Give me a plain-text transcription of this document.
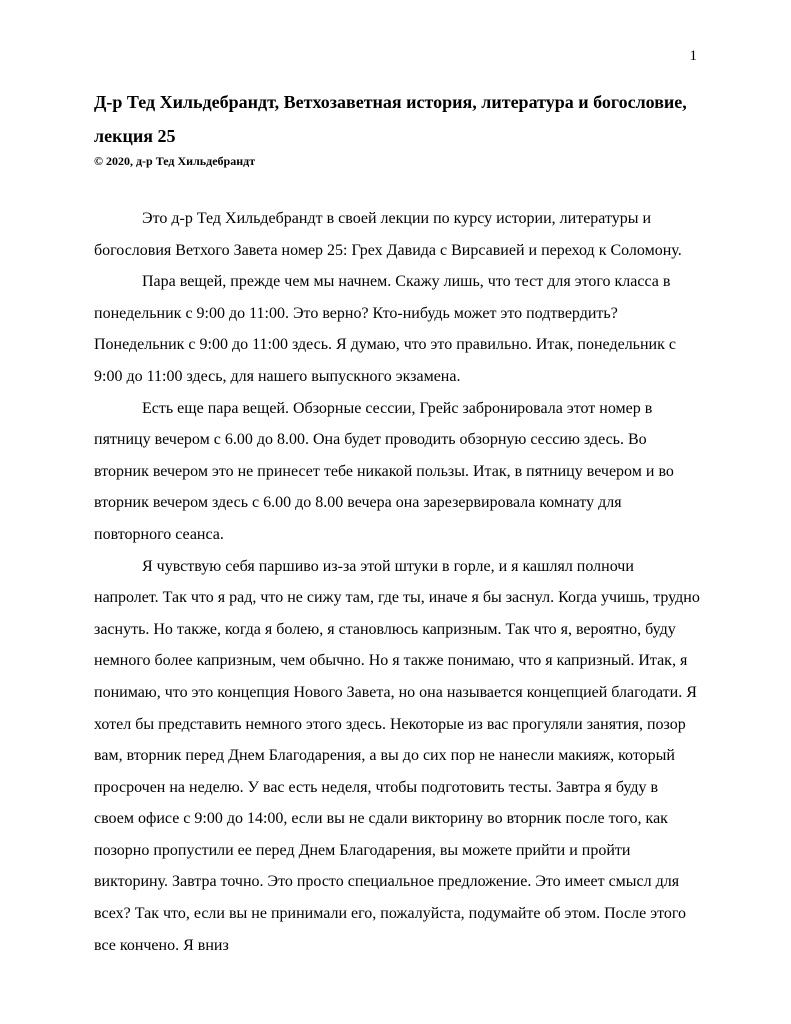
1
Д-р Тед Хильдебрандт, Ветхозаветная история, литература и богословие, лекция 25
© 2020, д-р Тед Хильдебрандт

Это д-р Тед Хильдебрандт в своей лекции по курсу истории, литературы и богословия Ветхого Завета номер 25: Грех Давида с Вирсавией и переход к Соломону.

Пара вещей, прежде чем мы начнем. Скажу лишь, что тест для этого класса в понедельник с 9:00 до 11:00. Это верно? Кто-нибудь может это подтвердить? Понедельник с 9:00 до 11:00 здесь. Я думаю, что это правильно. Итак, понедельник с 9:00 до 11:00 здесь, для нашего выпускного экзамена.

Есть еще пара вещей. Обзорные сессии, Грейс забронировала этот номер в пятницу вечером с 6.00 до 8.00. Она будет проводить обзорную сессию здесь. Во вторник вечером это не принесет тебе никакой пользы. Итак, в пятницу вечером и во вторник вечером здесь с 6.00 до 8.00 вечера она зарезервировала комнату для повторного сеанса.

Я чувствую себя паршиво из-за этой штуки в горле, и я кашлял полночи напролет. Так что я рад, что не сижу там, где ты, иначе я бы заснул. Когда учишь, трудно заснуть. Но также, когда я болею, я становлюсь капризным. Так что я, вероятно, буду немного более капризным, чем обычно. Но я также понимаю, что я капризный. Итак, я понимаю, что это концепция Нового Завета, но она называется концепцией благодати. Я хотел бы представить немного этого здесь. Некоторые из вас прогуляли занятия, позор вам, вторник перед Днем Благодарения, а вы до сих пор не нанесли макияж, который просрочен на неделю. У вас есть неделя, чтобы подготовить тесты. Завтра я буду в своем офисе с 9:00 до 14:00, если вы не сдали викторину во вторник после того, как позорно пропустили ее перед Днем Благодарения, вы можете прийти и пройти викторину. Завтра точно. Это просто специальное предложение. Это имеет смысл для всех? Так что, если вы не принимали его, пожалуйста, подумайте об этом. После этого все кончено. Я вниз
